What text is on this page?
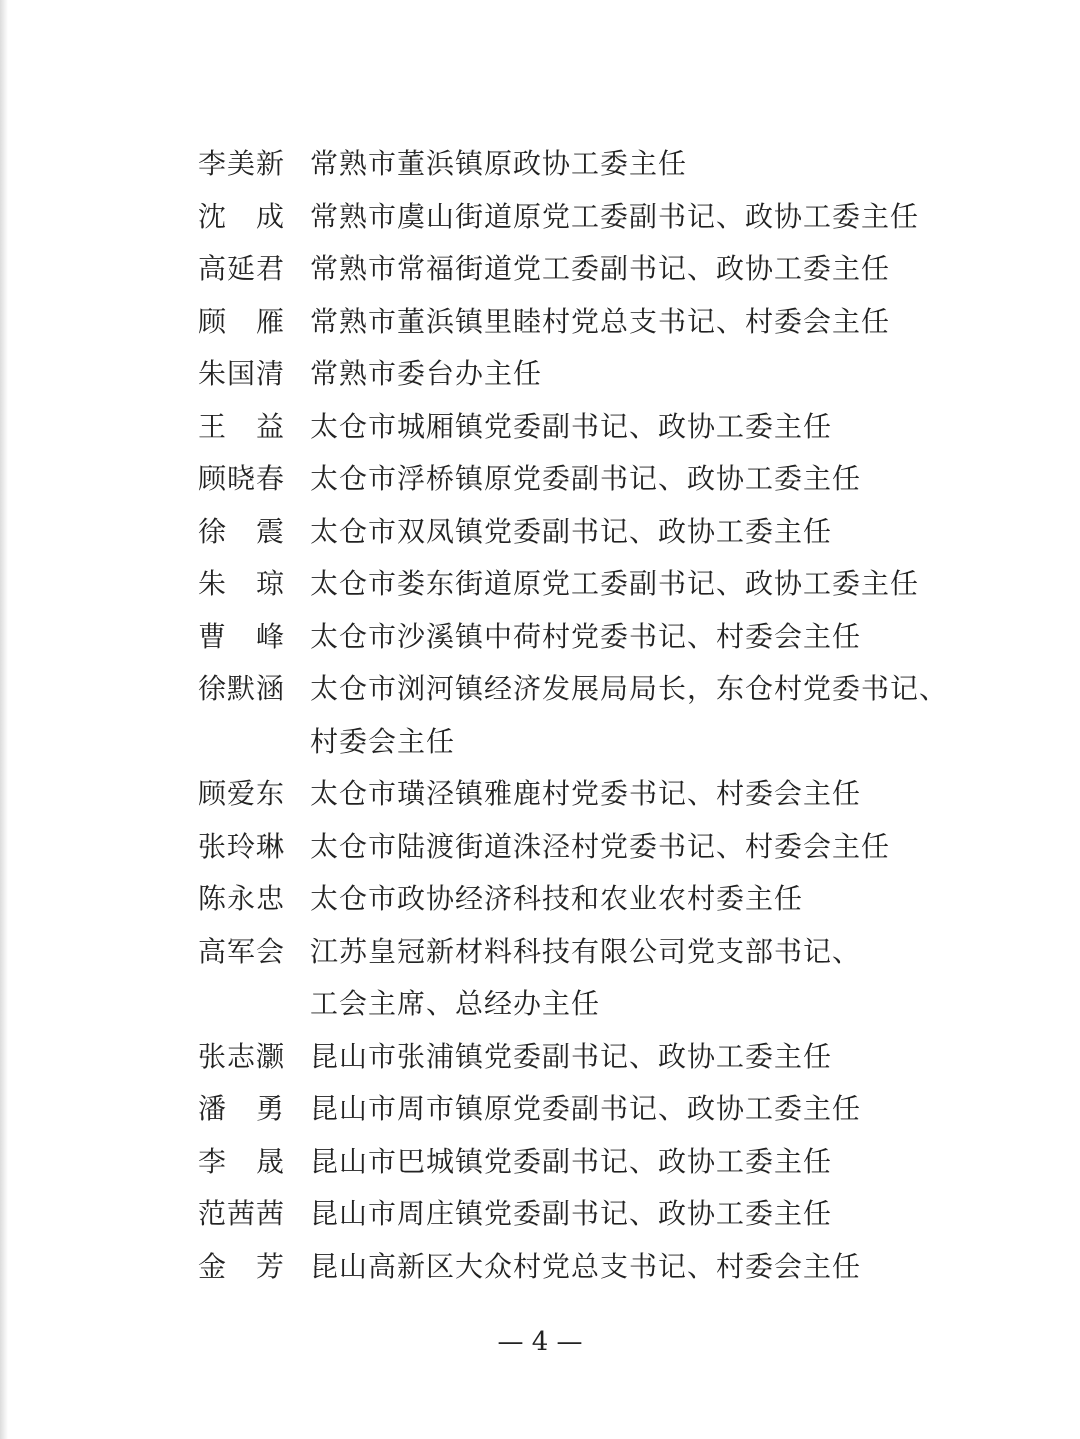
李美新 常熟市董浜镇原政协工委主任
沈　成 常熟市虞山街道原党工委副书记、政协工委主任
高延君 常熟市常福街道党工委副书记、政协工委主任
顾　雁 常熟市董浜镇里睦村党总支书记、村委会主任
朱国清 常熟市委台办主任
王　益 太仓市城厢镇党委副书记、政协工委主任
顾晓春 太仓市浮桥镇原党委副书记、政协工委主任
徐　震 太仓市双凤镇党委副书记、政协工委主任
朱　琼 太仓市娄东街道原党工委副书记、政协工委主任
曹　峰 太仓市沙溪镇中荷村党委书记、村委会主任
徐默涵 太仓市浏河镇经济发展局局长，东仓村党委书记、
村委会主任
顾爱东 太仓市璜泾镇雅鹿村党委书记、村委会主任
张玲琳 太仓市陆渡街道洙泾村党委书记、村委会主任
陈永忠 太仓市政协经济科技和农业农村委主任
高军会 江苏皇冠新材料科技有限公司党支部书记、
工会主席、总经办主任
张志灏 昆山市张浦镇党委副书记、政协工委主任
潘　勇 昆山市周市镇原党委副书记、政协工委主任
李　晟 昆山市巴城镇党委副书记、政协工委主任
范茜茜 昆山市周庄镇党委副书记、政协工委主任
金　芳 昆山高新区大众村党总支书记、村委会主任
— 4 —
